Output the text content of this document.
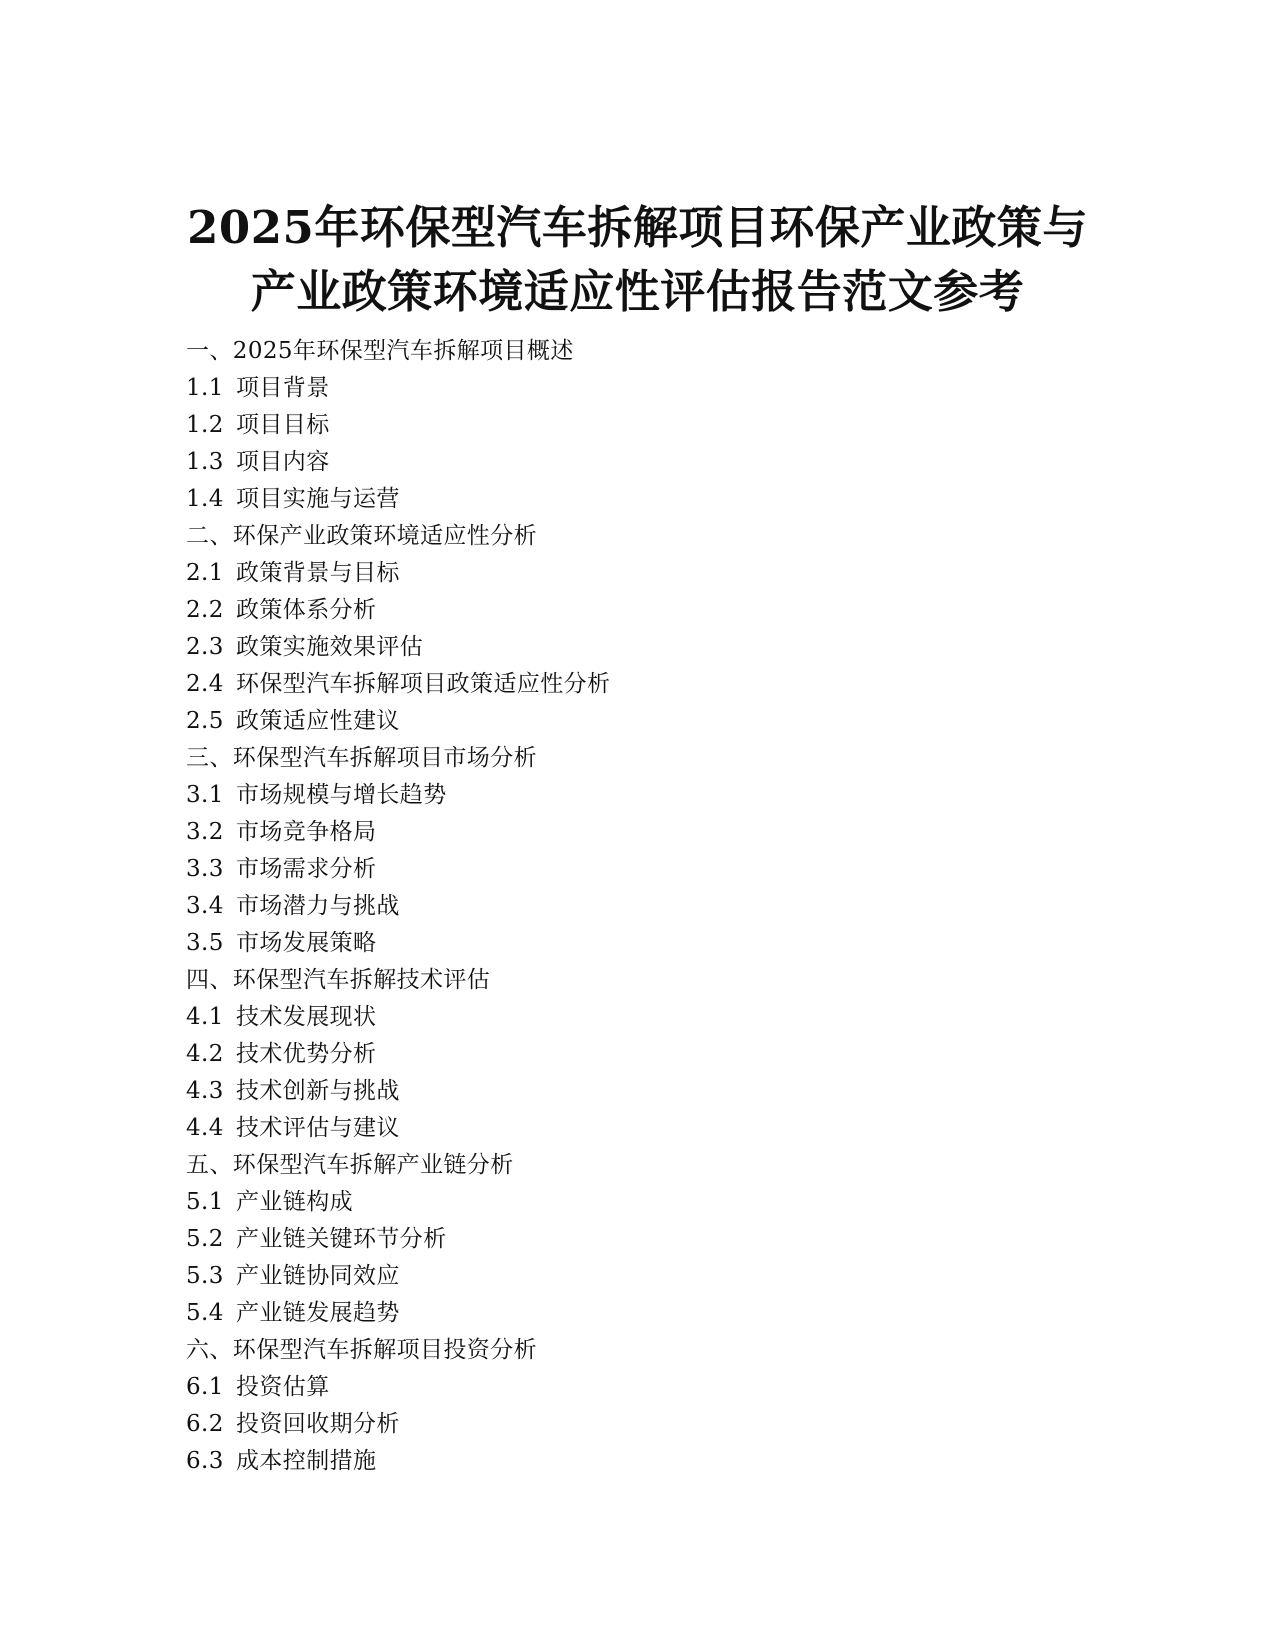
2025年环保型汽车拆解项目环保产业政策与
产业政策环境适应性评估报告范文参考
一、2025年环保型汽车拆解项目概述
1.1 项目背景
1.2 项目目标
1.3 项目内容
1.4 项目实施与运营
二、环保产业政策环境适应性分析
2.1 政策背景与目标
2.2 政策体系分析
2.3 政策实施效果评估
2.4 环保型汽车拆解项目政策适应性分析
2.5 政策适应性建议
三、环保型汽车拆解项目市场分析
3.1 市场规模与增长趋势
3.2 市场竞争格局
3.3 市场需求分析
3.4 市场潜力与挑战
3.5 市场发展策略
四、环保型汽车拆解技术评估
4.1 技术发展现状
4.2 技术优势分析
4.3 技术创新与挑战
4.4 技术评估与建议
五、环保型汽车拆解产业链分析
5.1 产业链构成
5.2 产业链关键环节分析
5.3 产业链协同效应
5.4 产业链发展趋势
六、环保型汽车拆解项目投资分析
6.1 投资估算
6.2 投资回收期分析
6.3 成本控制措施
